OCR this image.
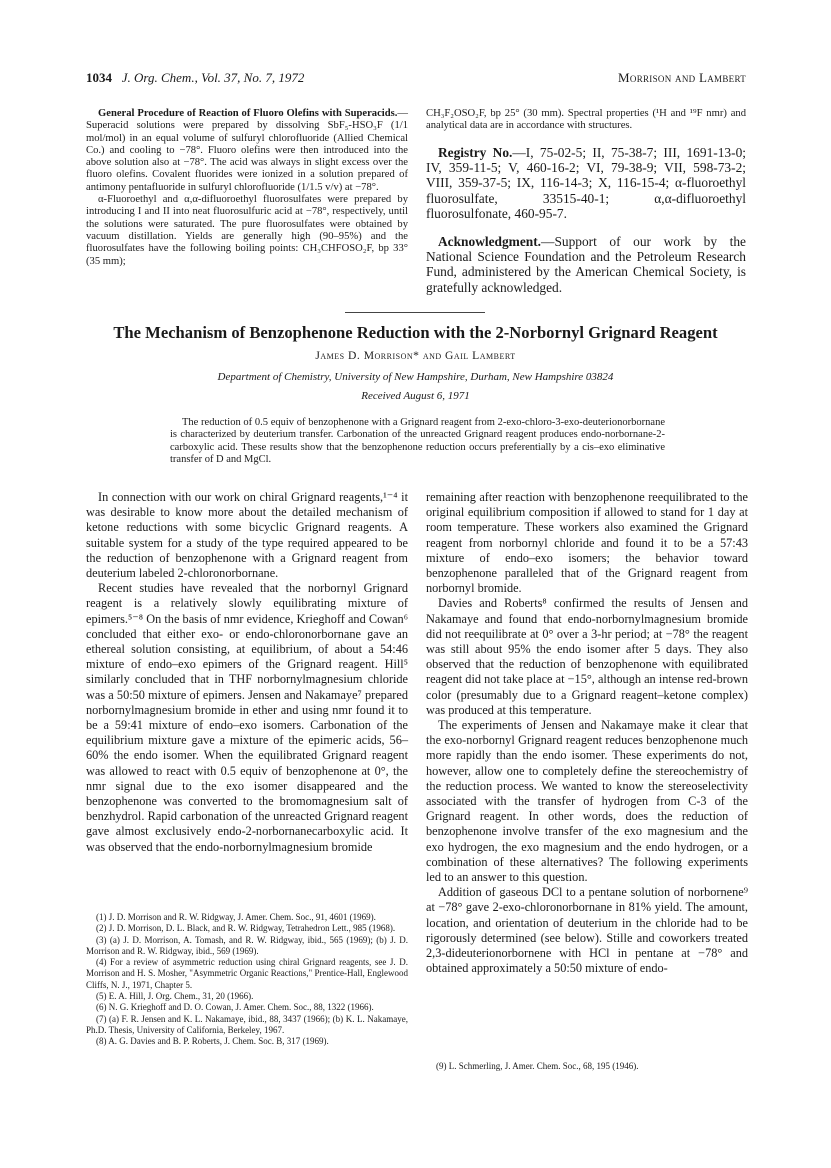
1034 J. Org. Chem., Vol. 37, No. 7, 1972	Morrison and Lambert

General Procedure of Reaction of Fluoro Olefins with Superacids.—Superacid solutions were prepared by dissolving SbF₅-HSO₃F (1/1 mol/mol) in an equal volume of sulfuryl chlorofluoride (Allied Chemical Co.) and cooling to −78°. Fluoro olefins were then introduced into the above solution also at −78°. The acid was always in slight excess over the fluoro olefins. Covalent fluorides were ionized in a solution prepared of antimony pentafluoride in sulfuryl chlorofluoride (1/1.5 v/v) at −78°.

α-Fluoroethyl and α,α-difluoroethyl fluorosulfates were prepared by introducing I and II into neat fluorosulfuric acid at −78°, respectively, until the solutions were saturated. The pure fluorosulfates were obtained by vacuum distillation. Yields are generally high (90–95%) and the fluorosulfates have the following boiling points: CH₃CHFOSO₂F, bp 33° (35 mm);

CH₃F₂OSO₂F, bp 25° (30 mm). Spectral properties (¹H and ¹⁹F nmr) and analytical data are in accordance with structures.

Registry No.—I, 75-02-5; II, 75-38-7; III, 1691-13-0; IV, 359-11-5; V, 460-16-2; VI, 79-38-9; VII, 598-73-2; VIII, 359-37-5; IX, 116-14-3; X, 116-15-4; α-fluoroethyl fluorosulfate, 33515-40-1; α,α-difluoroethyl fluorosulfonate, 460-95-7.

Acknowledgment.—Support of our work by the National Science Foundation and the Petroleum Research Fund, administered by the American Chemical Society, is gratefully acknowledged.

The Mechanism of Benzophenone Reduction with the 2-Norbornyl Grignard Reagent
James D. Morrison* and Gail Lambert
Department of Chemistry, University of New Hampshire, Durham, New Hampshire 03824
Received August 6, 1971

The reduction of 0.5 equiv of benzophenone with a Grignard reagent from 2-exo-chloro-3-exo-deuterionorbornane is characterized by deuterium transfer. Carbonation of the unreacted Grignard reagent produces endo-norbornane-2-carboxylic acid. These results show that the benzophenone reduction occurs preferentially by a cis–exo eliminative transfer of D and MgCl.

In connection with our work on chiral Grignard reagents,¹⁻⁴ it was desirable to know more about the detailed mechanism of ketone reductions with some bicyclic Grignard reagents. A suitable system for a study of the type required appeared to be the reduction of benzophenone with a Grignard reagent from deuterium labeled 2-chloronorbornane.

Recent studies have revealed that the norbornyl Grignard reagent is a relatively slowly equilibrating mixture of epimers.⁵⁻⁸ On the basis of nmr evidence, Krieghoff and Cowan⁶ concluded that either exo- or endo-chloronorbornane gave an ethereal solution consisting, at equilibrium, of about a 54:46 mixture of endo–exo epimers of the Grignard reagent. Hill⁵ similarly concluded that in THF norbornylmagnesium chloride was a 50:50 mixture of epimers. Jensen and Nakamaye⁷ prepared norbornylmagnesium bromide in ether and using nmr found it to be a 59:41 mixture of endo–exo isomers. Carbonation of the equilibrium mixture gave a mixture of the epimeric acids, 56–60% the endo isomer. When the equilibrated Grignard reagent was allowed to react with 0.5 equiv of benzophenone at 0°, the nmr signal due to the exo isomer disappeared and the benzophenone was converted to the bromomagnesium salt of benzhydrol. Rapid carbonation of the unreacted Grignard reagent gave almost exclusively endo-2-norbornanecarboxylic acid. It was observed that the endo-norbornylmagnesium bromide

(1) J. D. Morrison and R. W. Ridgway, J. Amer. Chem. Soc., 91, 4601 (1969).

(2) J. D. Morrison, D. L. Black, and R. W. Ridgway, Tetrahedron Lett., 985 (1968).

(3) (a) J. D. Morrison, A. Tomash, and R. W. Ridgway, ibid., 565 (1969); (b) J. D. Morrison and R. W. Ridgway, ibid., 569 (1969).

(4) For a review of asymmetric reduction using chiral Grignard reagents, see J. D. Morrison and H. S. Mosher, "Asymmetric Organic Reactions," Prentice-Hall, Englewood Cliffs, N. J., 1971, Chapter 5.

(5) E. A. Hill, J. Org. Chem., 31, 20 (1966).

(6) N. G. Krieghoff and D. O. Cowan, J. Amer. Chem. Soc., 88, 1322 (1966).

(7) (a) F. R. Jensen and K. L. Nakamaye, ibid., 88, 3437 (1966); (b) K. L. Nakamaye, Ph.D. Thesis, University of California, Berkeley, 1967.

(8) A. G. Davies and B. P. Roberts, J. Chem. Soc. B, 317 (1969).

remaining after reaction with benzophenone reequilibrated to the original equilibrium composition if allowed to stand for 1 day at room temperature. These workers also examined the Grignard reagent from norbornyl chloride and found it to be a 57:43 mixture of endo–exo isomers; the behavior toward benzophenone paralleled that of the Grignard reagent from norbornyl bromide.

Davies and Roberts⁸ confirmed the results of Jensen and Nakamaye and found that endo-norbornylmagnesium bromide did not reequilibrate at 0° over a 3-hr period; at −78° the reagent was still about 95% the endo isomer after 5 days. They also observed that the reduction of benzophenone with equilibrated reagent did not take place at −15°, although an intense red-brown color (presumably due to a Grignard reagent–ketone complex) was produced at this temperature.

The experiments of Jensen and Nakamaye make it clear that the exo-norbornyl Grignard reagent reduces benzophenone much more rapidly than the endo isomer. These experiments do not, however, allow one to completely define the stereochemistry of the reduction process. We wanted to know the stereoselectivity associated with the transfer of hydrogen from C-3 of the Grignard reagent. In other words, does the reduction of benzophenone involve transfer of the exo magnesium and the exo hydrogen, the exo magnesium and the endo hydrogen, or a combination of these alternatives? The following experiments led to an answer to this question.

Addition of gaseous DCl to a pentane solution of norbornene⁹ at −78° gave 2-exo-chloronorbornane in 81% yield. The amount, location, and orientation of deuterium in the chloride had to be rigorously determined (see below). Stille and coworkers treated 2,3-dideuterionorbornene with HCl in pentane at −78° and obtained approximately a 50:50 mixture of endo-

(9) L. Schmerling, J. Amer. Chem. Soc., 68, 195 (1946).
